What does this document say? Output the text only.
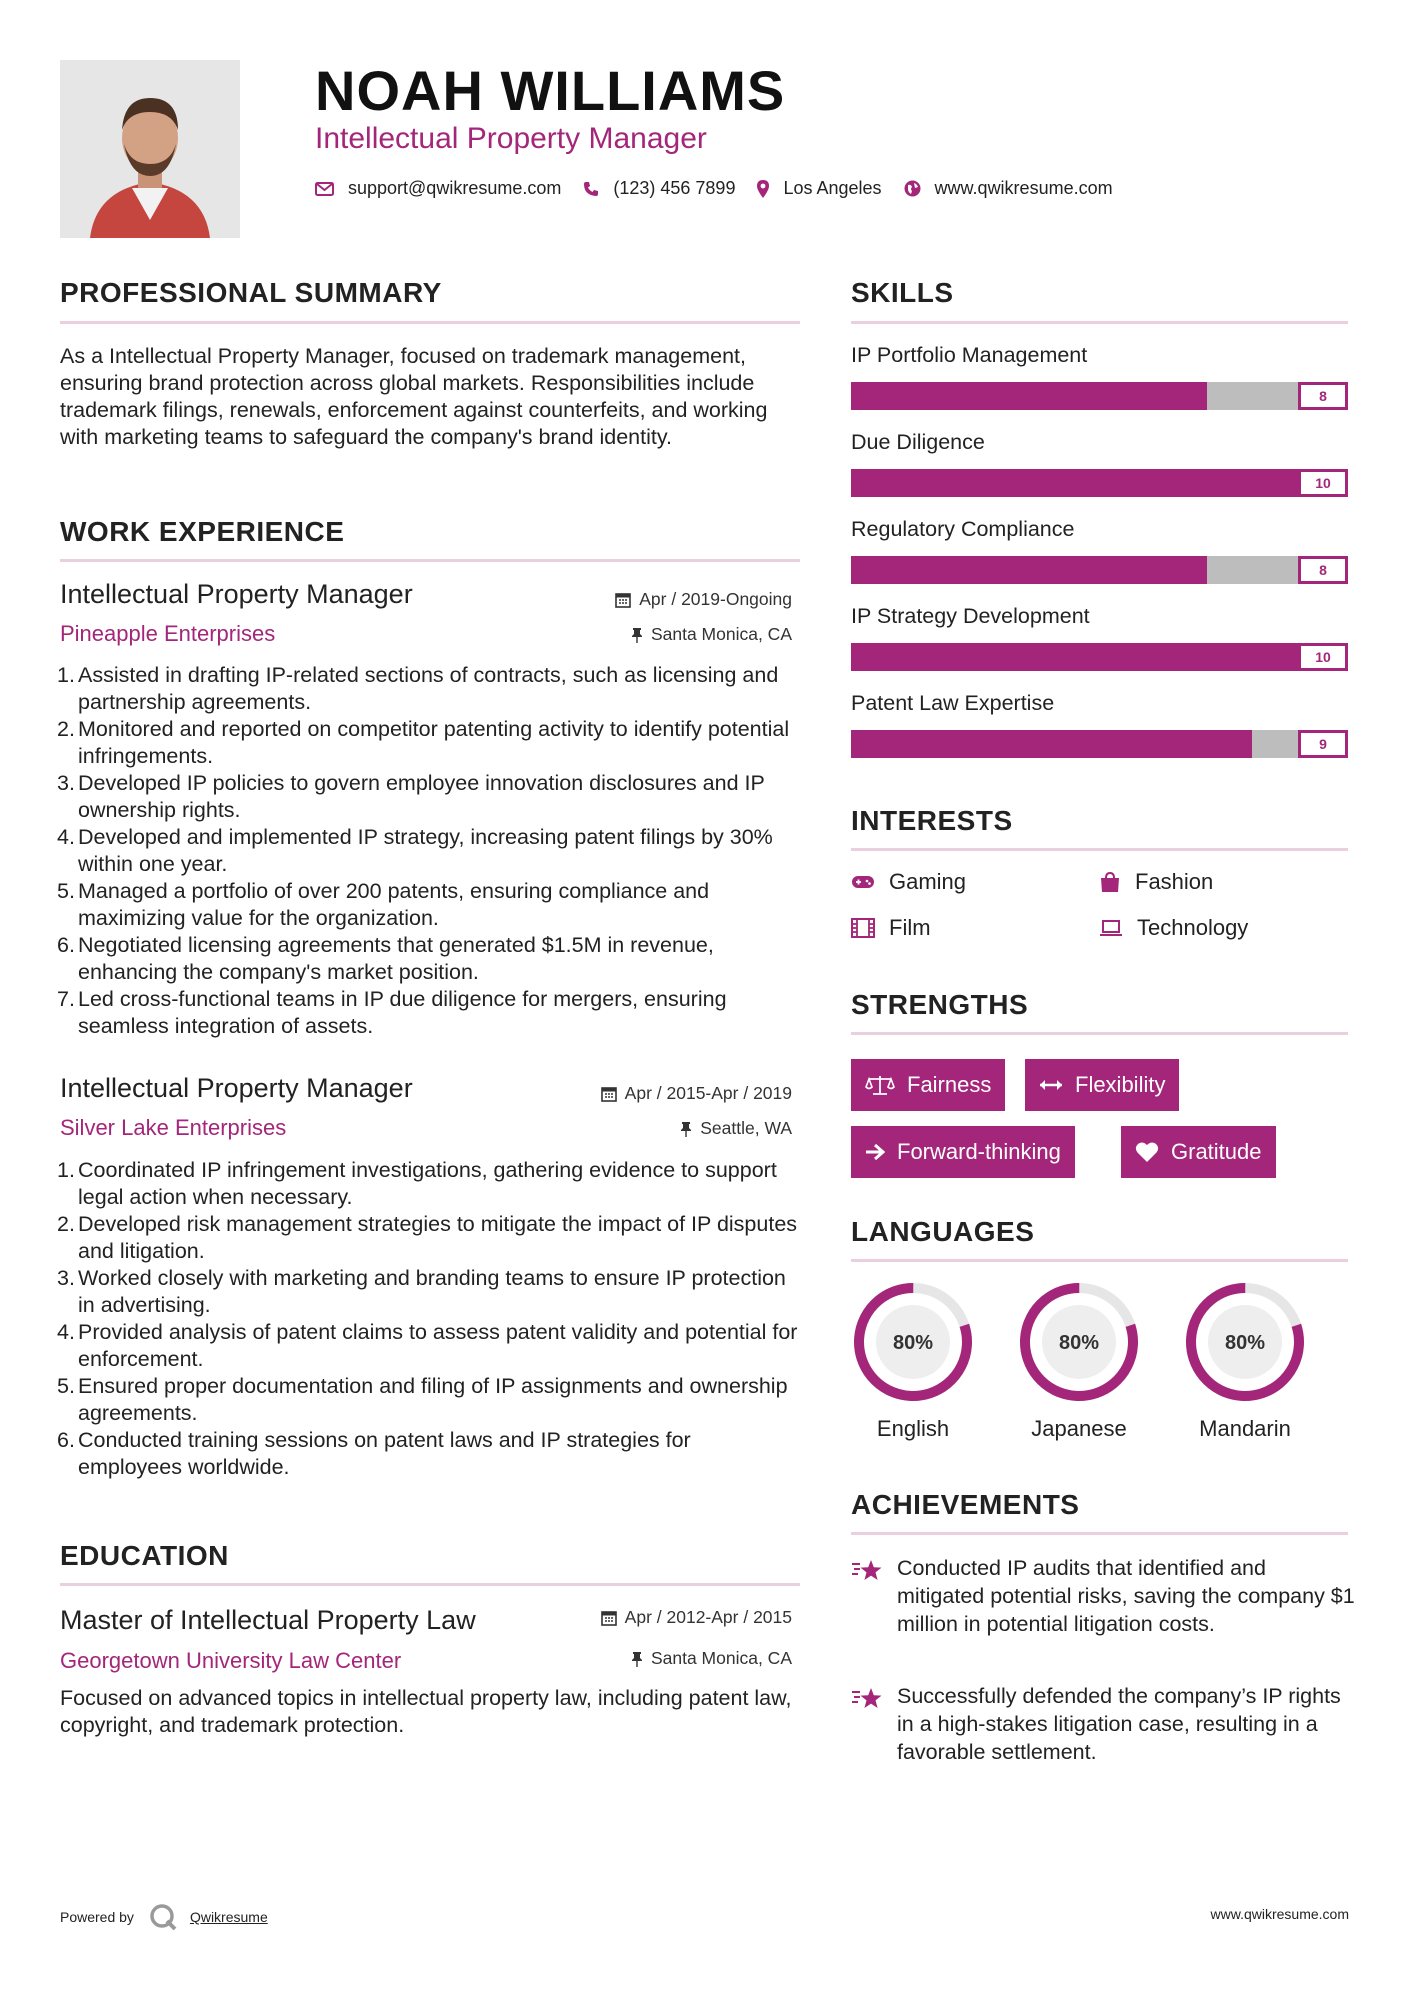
NOAH WILLIAMS
Intellectual Property Manager
support@qwikresume.com	(123) 456 7899	Los Angeles	www.qwikresume.com
PROFESSIONAL SUMMARY
As a Intellectual Property Manager, focused on trademark management, ensuring brand protection across global markets. Responsibilities include trademark filings, renewals, enforcement against counterfeits, and working with marketing teams to safeguard the company's brand identity.
WORK EXPERIENCE
Intellectual Property Manager	Apr / 2019-Ongoing
Pineapple Enterprises	Santa Monica, CA
1. Assisted in drafting IP-related sections of contracts, such as licensing and partnership agreements.
2. Monitored and reported on competitor patenting activity to identify potential infringements.
3. Developed IP policies to govern employee innovation disclosures and IP ownership rights.
4. Developed and implemented IP strategy, increasing patent filings by 30% within one year.
5. Managed a portfolio of over 200 patents, ensuring compliance and maximizing value for the organization.
6. Negotiated licensing agreements that generated $1.5M in revenue, enhancing the company's market position.
7. Led cross-functional teams in IP due diligence for mergers, ensuring seamless integration of assets.
Intellectual Property Manager	Apr / 2015-Apr / 2019
Silver Lake Enterprises	Seattle, WA
1. Coordinated IP infringement investigations, gathering evidence to support legal action when necessary.
2. Developed risk management strategies to mitigate the impact of IP disputes and litigation.
3. Worked closely with marketing and branding teams to ensure IP protection in advertising.
4. Provided analysis of patent claims to assess patent validity and potential for enforcement.
5. Ensured proper documentation and filing of IP assignments and ownership agreements.
6. Conducted training sessions on patent laws and IP strategies for employees worldwide.
EDUCATION
Master of Intellectual Property Law	Apr / 2012-Apr / 2015
Georgetown University Law Center	Santa Monica, CA
Focused on advanced topics in intellectual property law, including patent law, copyright, and trademark protection.
SKILLS
IP Portfolio Management
8
Due Diligence
10
Regulatory Compliance
8
IP Strategy Development
10
Patent Law Expertise
9
INTERESTS
Gaming	Fashion
Film	Technology
STRENGTHS
Fairness	Flexibility
Forward-thinking	Gratitude
LANGUAGES
80%
English
80%
Japanese
80%
Mandarin
ACHIEVEMENTS
Conducted IP audits that identified and mitigated potential risks, saving the company $1 million in potential litigation costs.
Successfully defended the company’s IP rights in a high-stakes litigation case, resulting in a favorable settlement.
Powered by	Qwikresume	www.qwikresume.com
